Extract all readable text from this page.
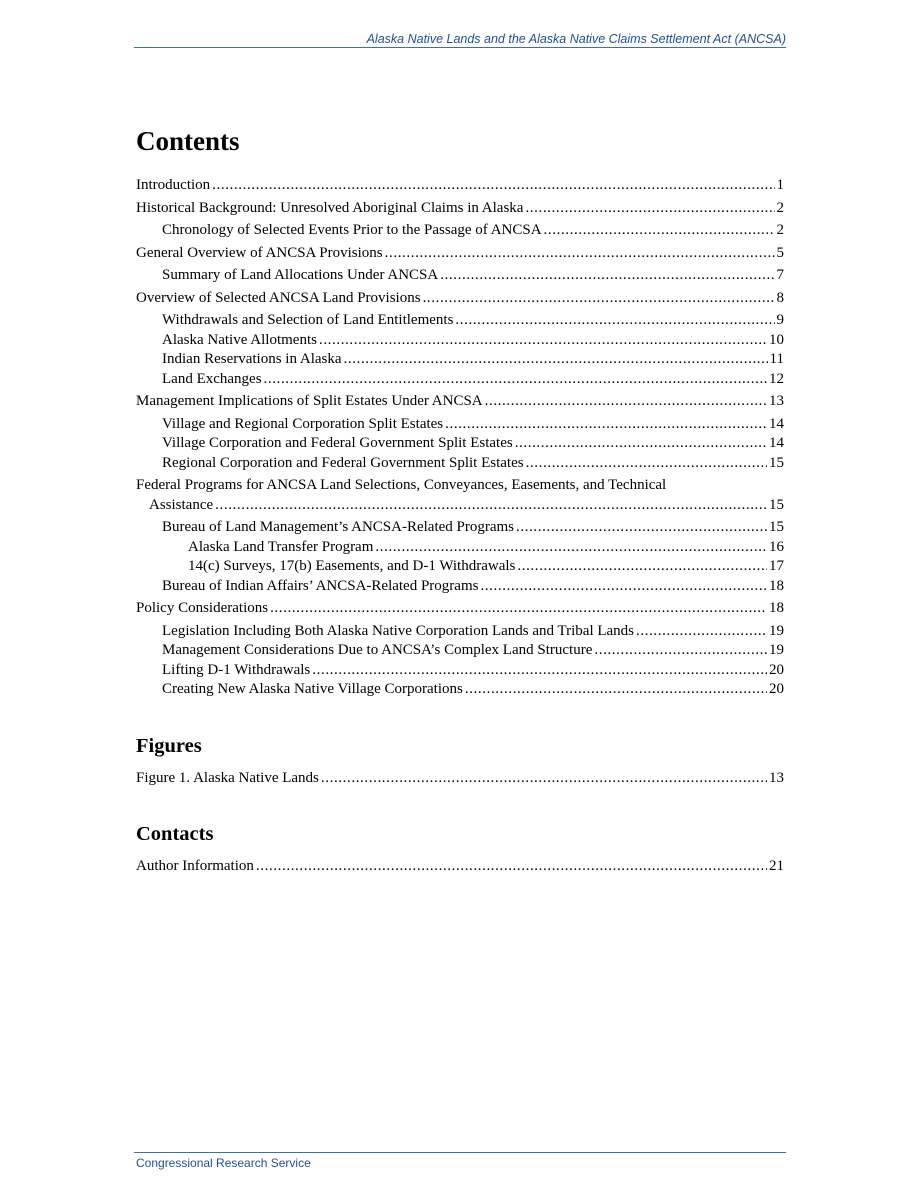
Alaska Native Lands and the Alaska Native Claims Settlement Act (ANCSA)
Contents
Introduction .....	1
Historical Background: Unresolved Aboriginal Claims in Alaska .....	2
Chronology of Selected Events Prior to the Passage of ANCSA .....	2
General Overview of ANCSA Provisions .....	5
Summary of Land Allocations Under ANCSA .....	7
Overview of Selected ANCSA Land Provisions .....	8
Withdrawals and Selection of Land Entitlements .....	9
Alaska Native Allotments .....	10
Indian Reservations in Alaska .....	11
Land Exchanges .....	12
Management Implications of Split Estates Under ANCSA .....	13
Village and Regional Corporation Split Estates .....	14
Village Corporation and Federal Government Split Estates .....	14
Regional Corporation and Federal Government Split Estates .....	15
Federal Programs for ANCSA Land Selections, Conveyances, Easements, and Technical
Assistance .....	15
Bureau of Land Management’s ANCSA-Related Programs .....	15
Alaska Land Transfer Program .....	16
14(c) Surveys, 17(b) Easements, and D-1 Withdrawals .....	17
Bureau of Indian Affairs’ ANCSA-Related Programs .....	18
Policy Considerations .....	18
Legislation Including Both Alaska Native Corporation Lands and Tribal Lands .....	19
Management Considerations Due to ANCSA’s Complex Land Structure .....	19
Lifting D-1 Withdrawals .....	20
Creating New Alaska Native Village Corporations .....	20
Figures
Figure 1. Alaska Native Lands .....	13
Contacts
Author Information .....	21
Congressional Research Service
